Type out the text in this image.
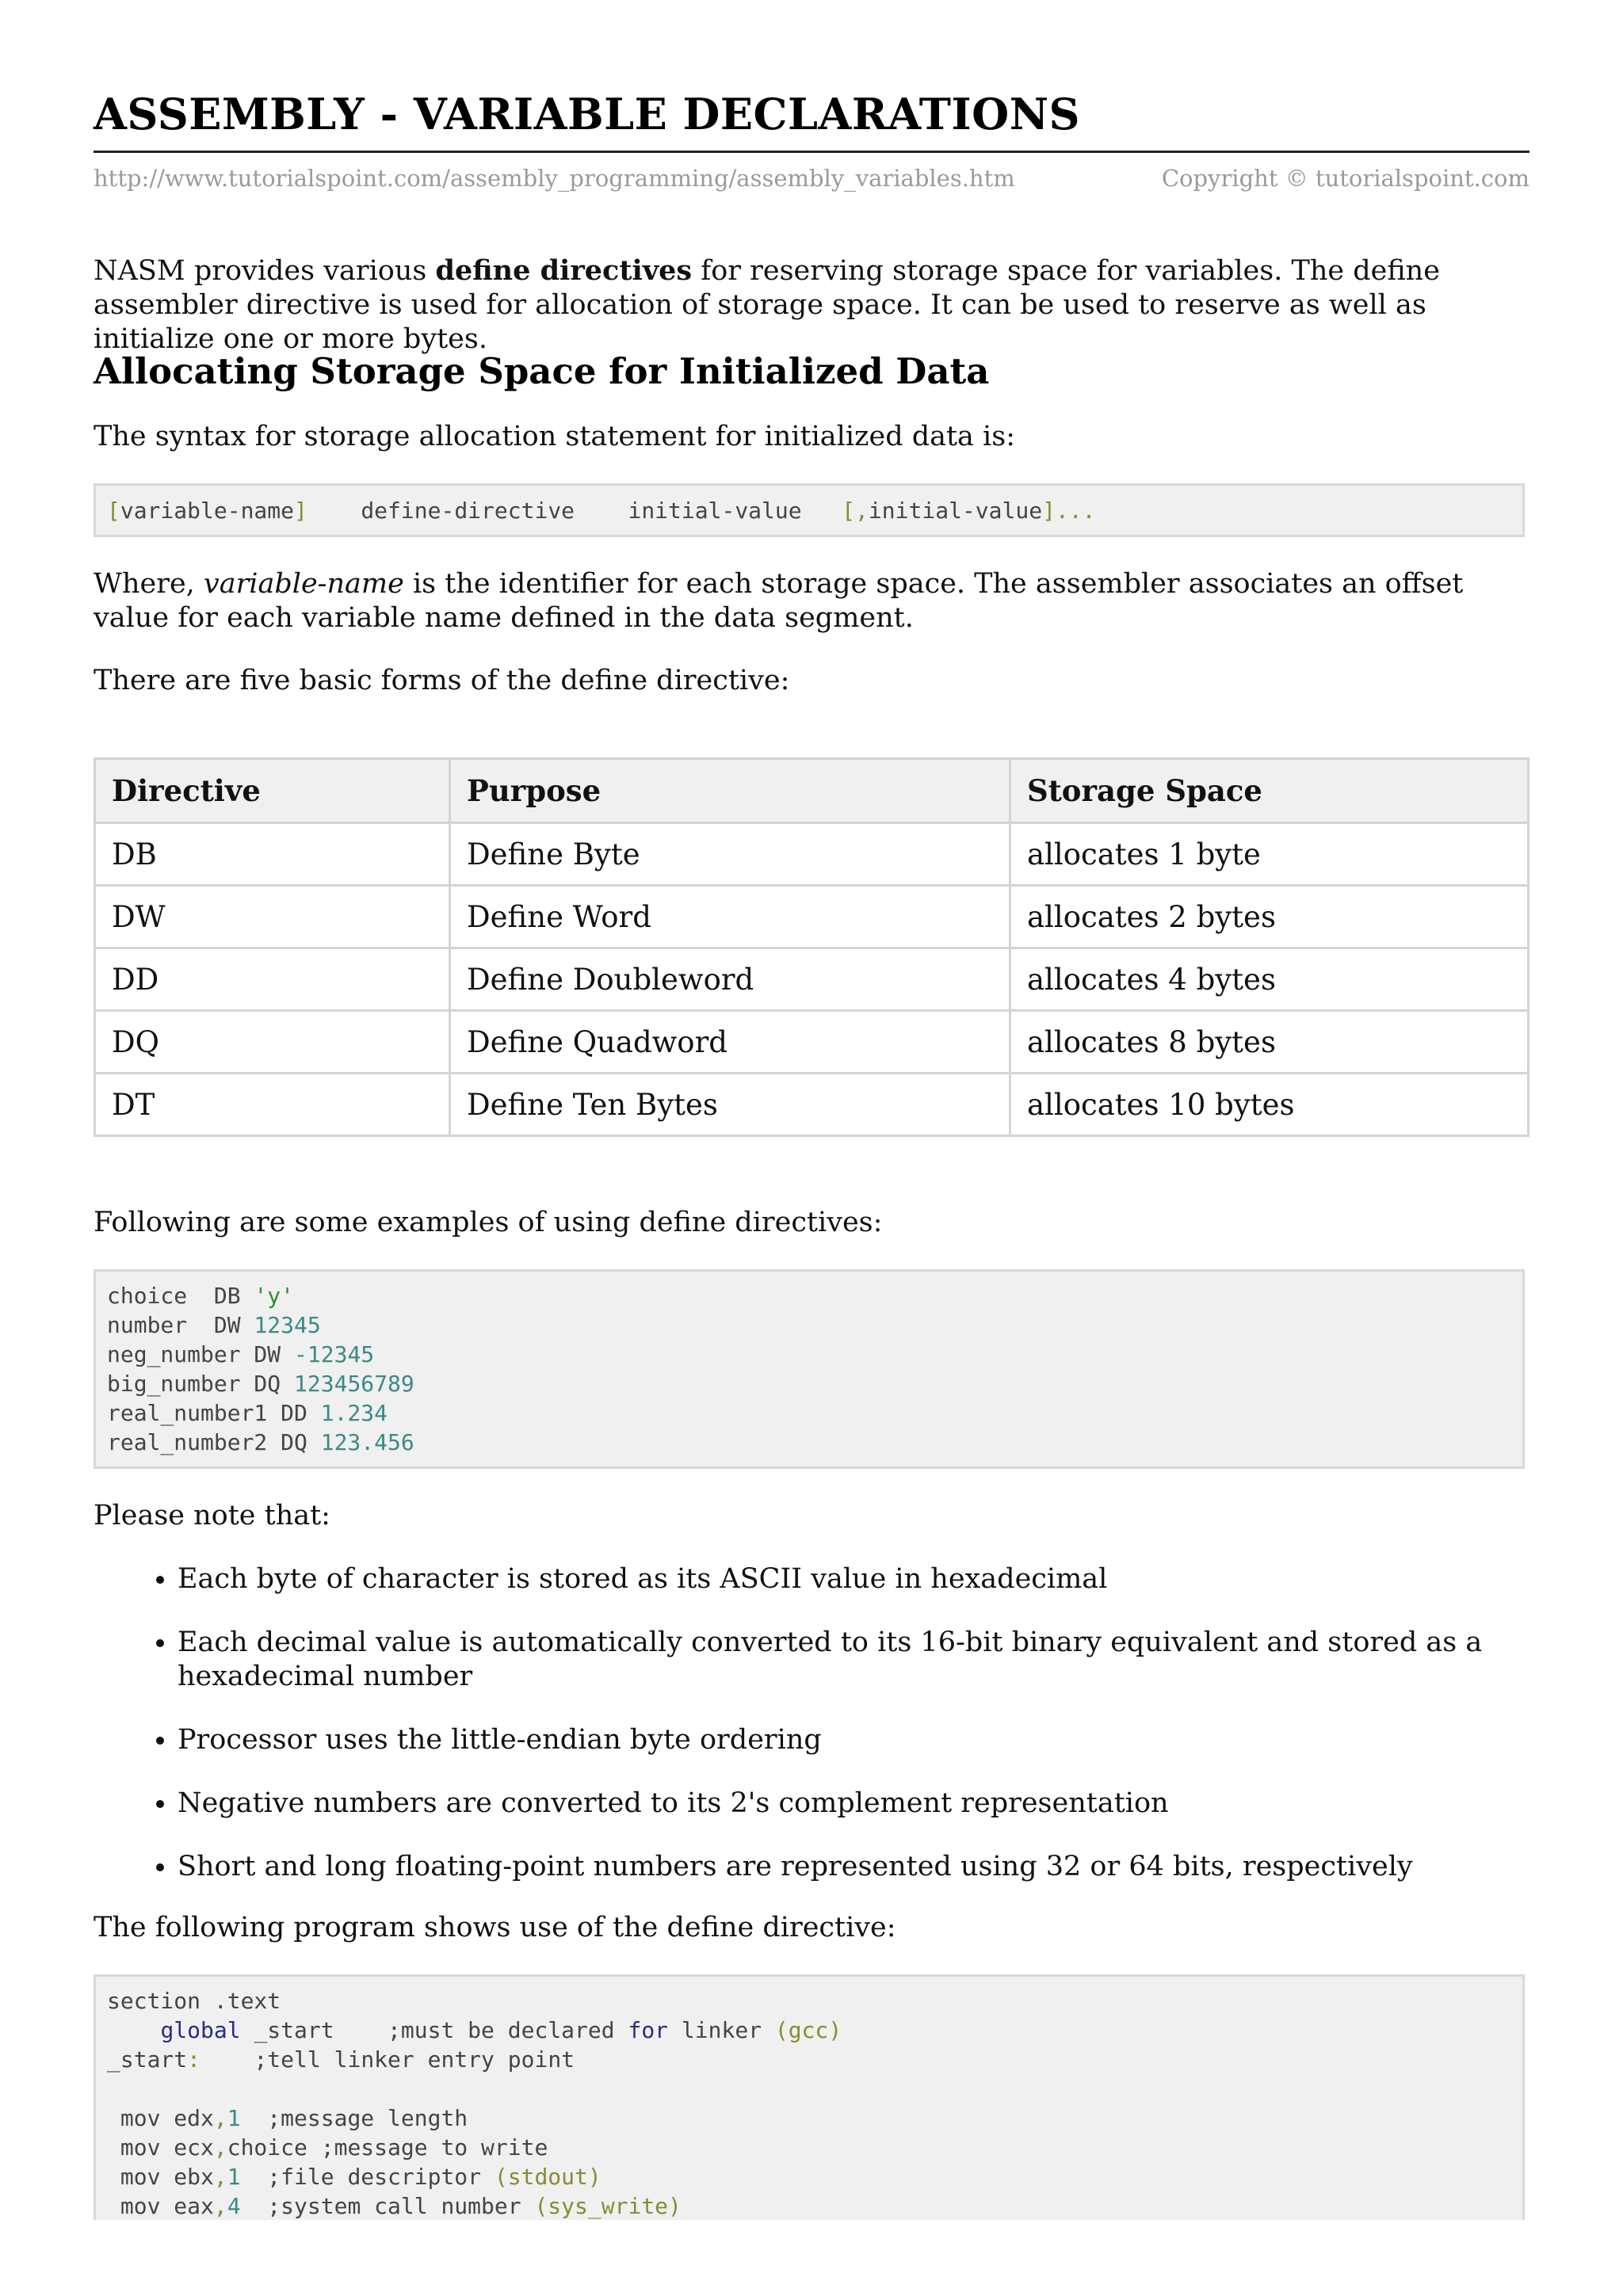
ASSEMBLY - VARIABLE DECLARATIONS
http://www.tutorialspoint.com/assembly_programming/assembly_variables.htm	Copyright © tutorialspoint.com

NASM provides various define directives for reserving storage space for variables. The define assembler directive is used for allocation of storage space. It can be used to reserve as well as initialize one or more bytes.

Allocating Storage Space for Initialized Data

The syntax for storage allocation statement for initialized data is:

[variable-name] define-directive initial-value [,initial-value]...

Where, variable-name is the identifier for each storage space. The assembler associates an offset value for each variable name defined in the data segment.

There are five basic forms of the define directive:

Directive	Purpose	Storage Space
DB	Define Byte	allocates 1 byte
DW	Define Word	allocates 2 bytes
DD	Define Doubleword	allocates 4 bytes
DQ	Define Quadword	allocates 8 bytes
DT	Define Ten Bytes	allocates 10 bytes

Following are some examples of using define directives:

choice  DB 'y'
number  DW 12345
neg_number DW -12345
big_number DQ 123456789
real_number1 DD 1.234
real_number2 DQ 123.456

Please note that:

• Each byte of character is stored as its ASCII value in hexadecimal
• Each decimal value is automatically converted to its 16-bit binary equivalent and stored as a hexadecimal number
• Processor uses the little-endian byte ordering
• Negative numbers are converted to its 2's complement representation
• Short and long floating-point numbers are represented using 32 or 64 bits, respectively

The following program shows use of the define directive:

section .text
global _start    ;must be declared for linker (gcc)
_start:    ;tell linker entry point

mov edx,1  ;message length
mov ecx,choice ;message to write
mov ebx,1  ;file descriptor (stdout)
mov eax,4  ;system call number (sys_write)
